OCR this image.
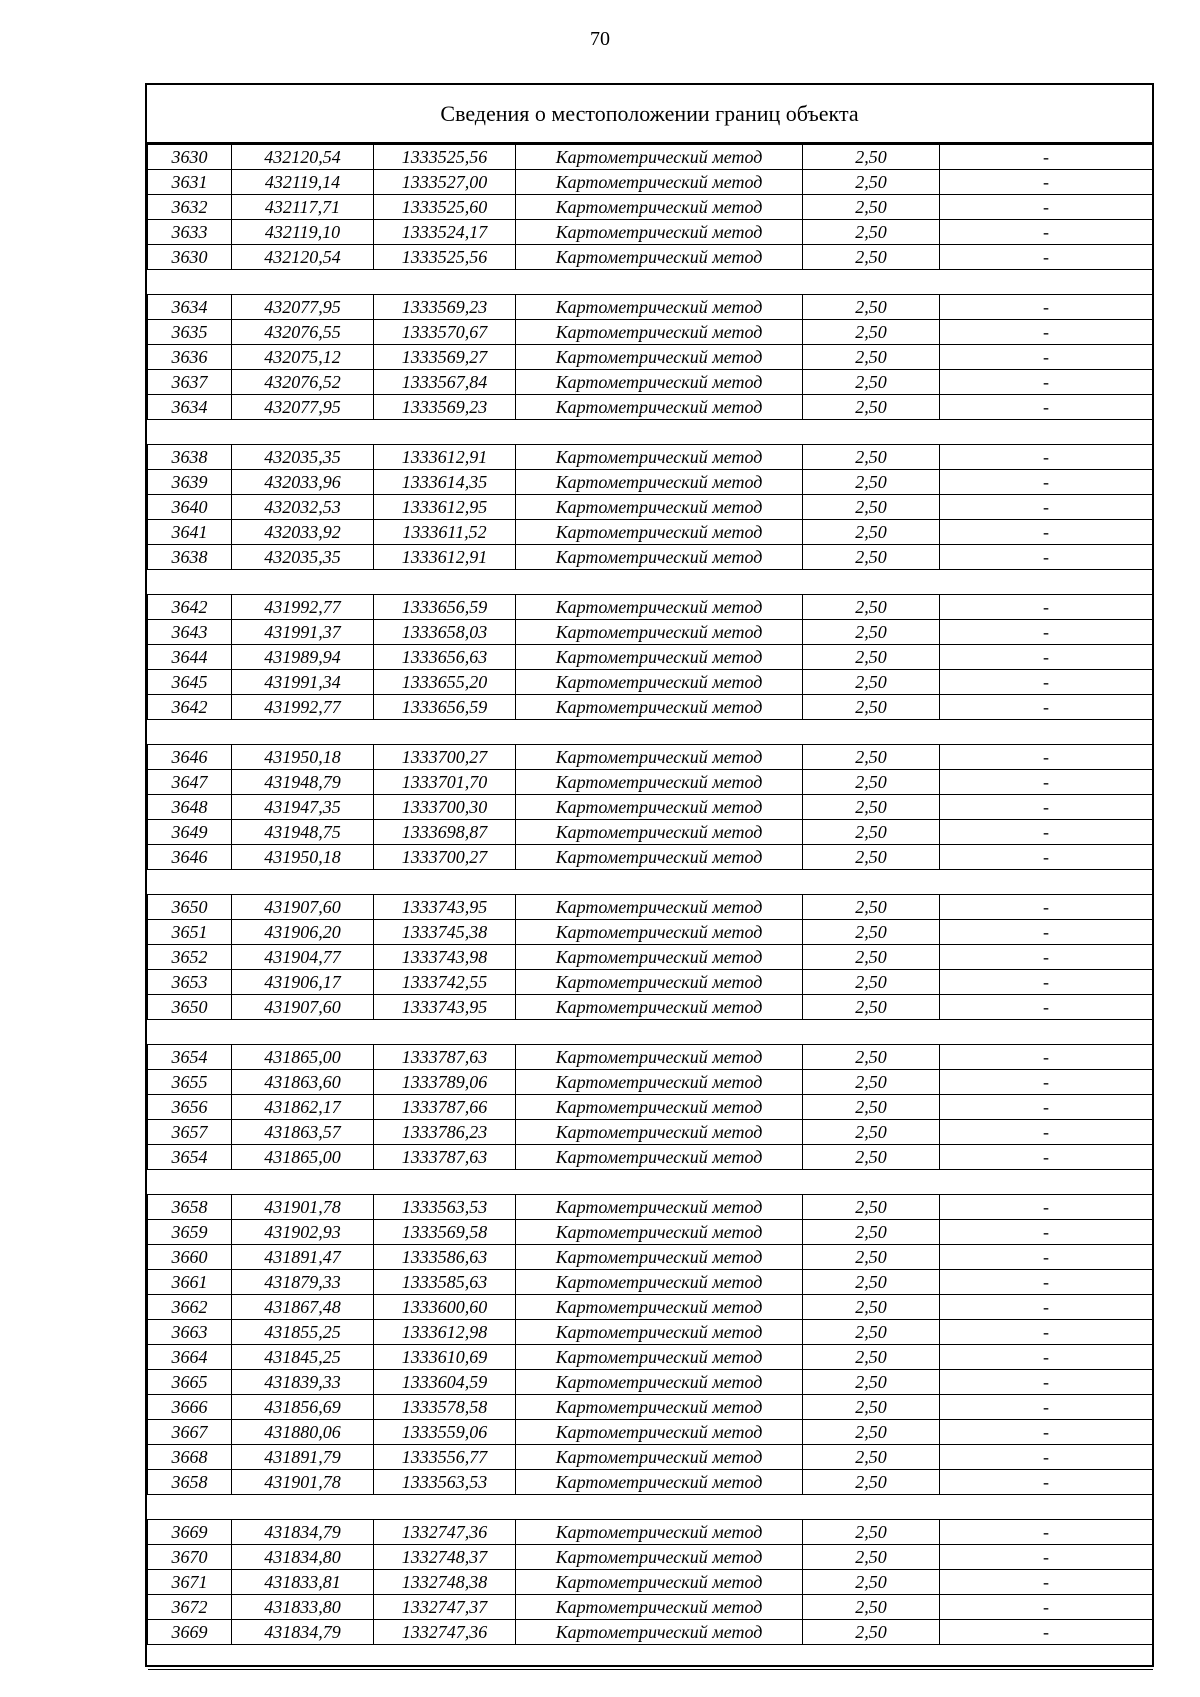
70
Сведения о местоположении границ объекта
3630	432120,54	1333525,56	Картометрический метод	2,50	-
3631	432119,14	1333527,00	Картометрический метод	2,50	-
3632	432117,71	1333525,60	Картометрический метод	2,50	-
3633	432119,10	1333524,17	Картометрический метод	2,50	-
3630	432120,54	1333525,56	Картометрический метод	2,50	-

3634	432077,95	1333569,23	Картометрический метод	2,50	-
3635	432076,55	1333570,67	Картометрический метод	2,50	-
3636	432075,12	1333569,27	Картометрический метод	2,50	-
3637	432076,52	1333567,84	Картометрический метод	2,50	-
3634	432077,95	1333569,23	Картометрический метод	2,50	-

3638	432035,35	1333612,91	Картометрический метод	2,50	-
3639	432033,96	1333614,35	Картометрический метод	2,50	-
3640	432032,53	1333612,95	Картометрический метод	2,50	-
3641	432033,92	1333611,52	Картометрический метод	2,50	-
3638	432035,35	1333612,91	Картометрический метод	2,50	-

3642	431992,77	1333656,59	Картометрический метод	2,50	-
3643	431991,37	1333658,03	Картометрический метод	2,50	-
3644	431989,94	1333656,63	Картометрический метод	2,50	-
3645	431991,34	1333655,20	Картометрический метод	2,50	-
3642	431992,77	1333656,59	Картометрический метод	2,50	-

3646	431950,18	1333700,27	Картометрический метод	2,50	-
3647	431948,79	1333701,70	Картометрический метод	2,50	-
3648	431947,35	1333700,30	Картометрический метод	2,50	-
3649	431948,75	1333698,87	Картометрический метод	2,50	-
3646	431950,18	1333700,27	Картометрический метод	2,50	-

3650	431907,60	1333743,95	Картометрический метод	2,50	-
3651	431906,20	1333745,38	Картометрический метод	2,50	-
3652	431904,77	1333743,98	Картометрический метод	2,50	-
3653	431906,17	1333742,55	Картометрический метод	2,50	-
3650	431907,60	1333743,95	Картометрический метод	2,50	-

3654	431865,00	1333787,63	Картометрический метод	2,50	-
3655	431863,60	1333789,06	Картометрический метод	2,50	-
3656	431862,17	1333787,66	Картометрический метод	2,50	-
3657	431863,57	1333786,23	Картометрический метод	2,50	-
3654	431865,00	1333787,63	Картометрический метод	2,50	-

3658	431901,78	1333563,53	Картометрический метод	2,50	-
3659	431902,93	1333569,58	Картометрический метод	2,50	-
3660	431891,47	1333586,63	Картометрический метод	2,50	-
3661	431879,33	1333585,63	Картометрический метод	2,50	-
3662	431867,48	1333600,60	Картометрический метод	2,50	-
3663	431855,25	1333612,98	Картометрический метод	2,50	-
3664	431845,25	1333610,69	Картометрический метод	2,50	-
3665	431839,33	1333604,59	Картометрический метод	2,50	-
3666	431856,69	1333578,58	Картометрический метод	2,50	-
3667	431880,06	1333559,06	Картометрический метод	2,50	-
3668	431891,79	1333556,77	Картометрический метод	2,50	-
3658	431901,78	1333563,53	Картометрический метод	2,50	-

3669	431834,79	1332747,36	Картометрический метод	2,50	-
3670	431834,80	1332748,37	Картометрический метод	2,50	-
3671	431833,81	1332748,38	Картометрический метод	2,50	-
3672	431833,80	1332747,37	Картометрический метод	2,50	-
3669	431834,79	1332747,36	Картометрический метод	2,50	-
